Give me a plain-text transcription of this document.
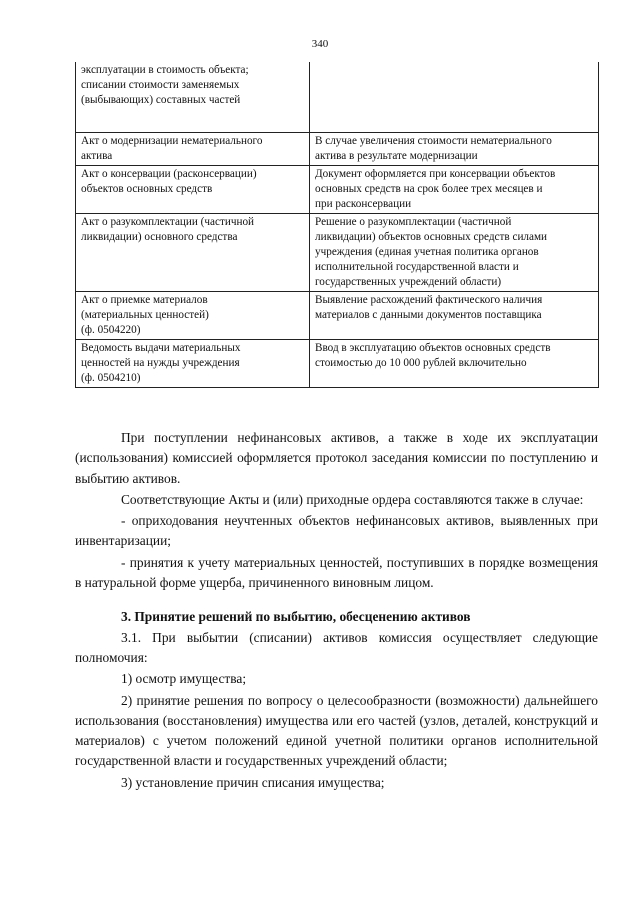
340
эксплуатации в стоимость объекта;
списании стоимости заменяемых
(выбывающих) составных частей	

Акт о модернизации нематериального
актива	В случае увеличения стоимости нематериального
актива в результате модернизации

Акт о консервации (расконсервации)
объектов основных средств	Документ оформляется при консервации объектов
основных средств на срок более трех месяцев и
при расконсервации

Акт о разукомплектации (частичной
ликвидации) основного средства	Решение о разукомплектации (частичной
ликвидации) объектов основных средств силами
учреждения (единая учетная политика органов
исполнительной государственной власти и
государственных учреждений области)

Акт о приемке материалов
(материальных ценностей)
(ф. 0504220)	Выявление расхождений фактического наличия
материалов с данными документов поставщика

Ведомость выдачи материальных
ценностей на нужды учреждения
(ф. 0504210)	Ввод в эксплуатацию объектов основных средств
стоимостью до 10 000 рублей включительно

При поступлении нефинансовых активов, а также в ходе их эксплуатации (использования) комиссией оформляется протокол заседания комиссии по поступлению и выбытию активов.

Соответствующие Акты и (или) приходные ордера составляются также в случае:

- оприходования неучтенных объектов нефинансовых активов, выявленных при инвентаризации;

- принятия к учету материальных ценностей, поступивших в порядке возмещения в натуральной форме ущерба, причиненного виновным лицом.

3. Принятие решений по выбытию, обесценению активов

3.1. При выбытии (списании) активов комиссия осуществляет следующие полномочия:

1) осмотр имущества;

2) принятие решения по вопросу о целесообразности (возможности) дальнейшего использования (восстановления) имущества или его частей (узлов, деталей, конструкций и материалов) с учетом положений единой учетной политики органов исполнительной государственной власти и государственных учреждений области;

3) установление причин списания имущества;
